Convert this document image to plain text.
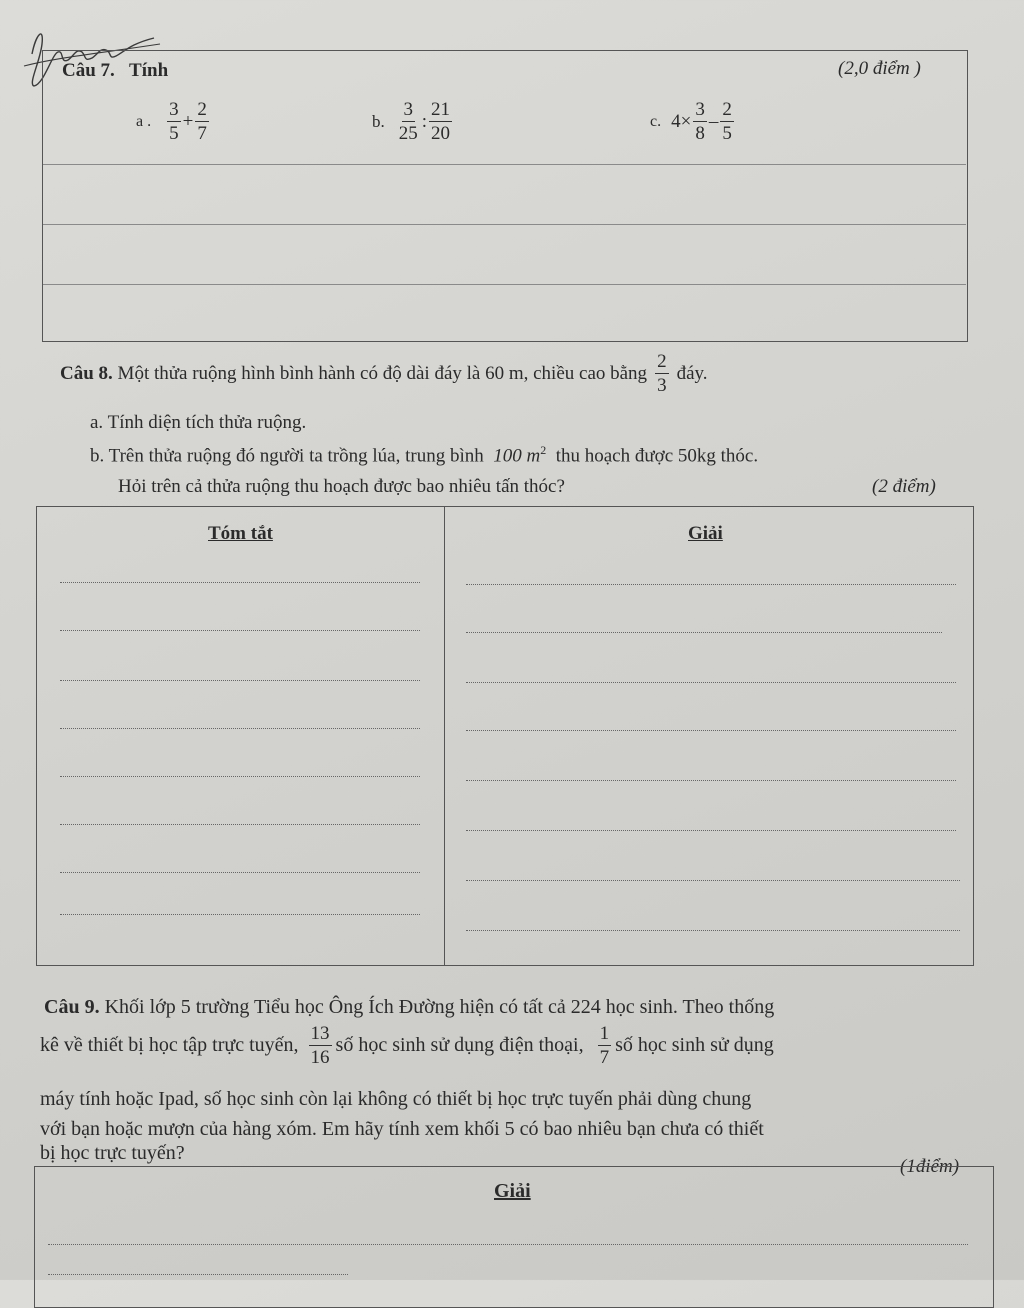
Câu 7. Tính	(2,0 điểm )
a . $\frac{3}{5} + \frac{2}{7}$	b. $\frac{3}{25}$ : $\frac{21}{20}$	c. $4\times \frac{3}{8} - \frac{2}{5}$
Câu 8. Một thửa ruộng hình bình hành có độ dài đáy là 60 m, chiều cao bằng $\frac{2}{3}$ đáy.
a. Tính diện tích thửa ruộng.
b. Trên thửa ruộng đó người ta trồng lúa, trung bình 100 $m^2$ thu hoạch được 50kg thóc.
Hỏi trên cả thửa ruộng thu hoạch được bao nhiêu tấn thóc?	(2 điểm)
Tóm tắt	Giải
Câu 9. Khối lớp 5 trường Tiểu học Ông Ích Đường hiện có tất cả 224 học sinh. Theo thống
kê về thiết bị học tập trực tuyến, $\frac{13}{16}$ số học sinh sử dụng điện thoại, $\frac{1}{7}$ số học sinh sử dụng
máy tính hoặc Ipad, số học sinh còn lại không có thiết bị học trực tuyến phải dùng chung
với bạn hoặc mượn của hàng xóm. Em hãy tính xem khối 5 có bao nhiêu bạn chưa có thiết
bị học trực tuyến?
(1điểm)
Giải
